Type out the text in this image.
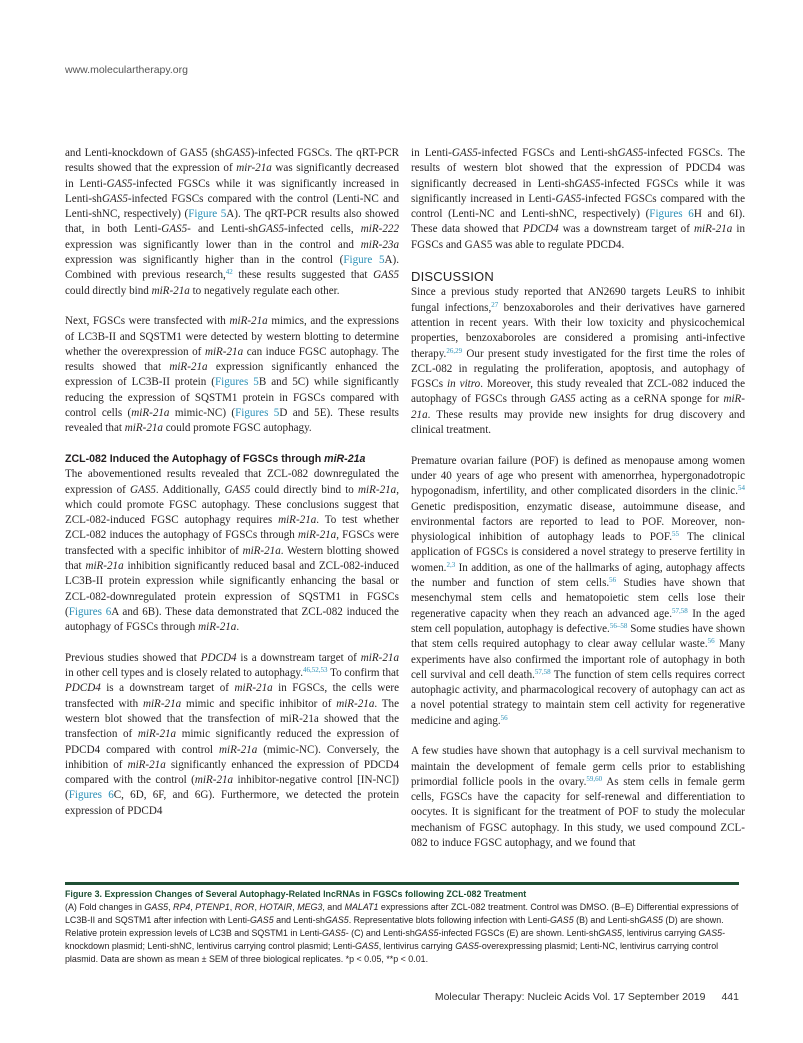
www.moleculartherapy.org

and Lenti-knockdown of GAS5 (shGAS5)-infected FGSCs. The qRT-PCR results showed that the expression of mir-21a was significantly decreased in Lenti-GAS5-infected FGSCs while it was significantly increased in Lenti-shGAS5-infected FGSCs compared with the control (Lenti-NC and Lenti-shNC, respectively) (Figure 5A). The qRT-PCR results also showed that, in both Lenti-GAS5- and Lenti-shGAS5-infected cells, miR-222 expression was significantly lower than in the control and miR-23a expression was significantly higher than in the control (Figure 5A). Combined with previous research,$^{42}$ these results suggested that GAS5 could directly bind miR-21a to negatively regulate each other.

Next, FGSCs were transfected with miR-21a mimics, and the expressions of LC3B-II and SQSTM1 were detected by western blotting to determine whether the overexpression of miR-21a can induce FGSC autophagy. The results showed that miR-21a expression significantly enhanced the expression of LC3B-II protein (Figures 5B and 5C) while significantly reducing the expression of SQSTM1 protein in FGSCs compared with control cells (miR-21a mimic-NC) (Figures 5D and 5E). These results revealed that miR-21a could promote FGSC autophagy.

ZCL-082 Induced the Autophagy of FGSCs through miR-21a

The abovementioned results revealed that ZCL-082 downregulated the expression of GAS5. Additionally, GAS5 could directly bind to miR-21a, which could promote FGSC autophagy. These conclusions suggest that ZCL-082-induced FGSC autophagy requires miR-21a. To test whether ZCL-082 induces the autophagy of FGSCs through miR-21a, FGSCs were transfected with a specific inhibitor of miR-21a. Western blotting showed that miR-21a inhibition significantly reduced basal and ZCL-082-induced LC3B-II protein expression while significantly enhancing the basal or ZCL-082-downregulated protein expression of SQSTM1 in FGSCs (Figures 6A and 6B). These data demonstrated that ZCL-082 induced the autophagy of FGSCs through miR-21a.

Previous studies showed that PDCD4 is a downstream target of miR-21a in other cell types and is closely related to autophagy.$^{46,52,53}$ To confirm that PDCD4 is a downstream target of miR-21a in FGSCs, the cells were transfected with miR-21a mimic and specific inhibitor of miR-21a. The western blot showed that the transfection of miR-21a showed that the transfection of miR-21a mimic significantly reduced the expression of PDCD4 compared with control miR-21a (mimic-NC). Conversely, the inhibition of miR-21a significantly enhanced the expression of PDCD4 compared with the control (miR-21a inhibitor-negative control [IN-NC]) (Figures 6C, 6D, 6F, and 6G). Furthermore, we detected the protein expression of PDCD4

in Lenti-GAS5-infected FGSCs and Lenti-shGAS5-infected FGSCs. The results of western blot showed that the expression of PDCD4 was significantly decreased in Lenti-shGAS5-infected FGSCs while it was significantly increased in Lenti-GAS5-infected FGSCs compared with the control (Lenti-NC and Lenti-shNC, respectively) (Figures 6H and 6I). These data showed that PDCD4 was a downstream target of miR-21a in FGSCs and GAS5 was able to regulate PDCD4.

DISCUSSION

Since a previous study reported that AN2690 targets LeuRS to inhibit fungal infections,$^{27}$ benzoxaboroles and their derivatives have garnered attention in recent years. With their low toxicity and physicochemical properties, benzoxaboroles are considered a promising anti-infective therapy.$^{26,29}$ Our present study investigated for the first time the roles of ZCL-082 in regulating the proliferation, apoptosis, and autophagy of FGSCs in vitro. Moreover, this study revealed that ZCL-082 induced the autophagy of FGSCs through GAS5 acting as a ceRNA sponge for miR-21a. These results may provide new insights for drug discovery and clinical treatment.

Premature ovarian failure (POF) is defined as menopause among women under 40 years of age who present with amenorrhea, hypergonadotropic hypogonadism, infertility, and other complicated disorders in the clinic.$^{54}$ Genetic predisposition, enzymatic disease, autoimmune disease, and environmental factors are reported to lead to POF. Moreover, non-physiological inhibition of autophagy leads to POF.$^{55}$ The clinical application of FGSCs is considered a novel strategy to preserve fertility in women.$^{2,3}$ In addition, as one of the hallmarks of aging, autophagy affects the number and function of stem cells.$^{56}$ Studies have shown that mesenchymal stem cells and hematopoietic stem cells lose their regenerative capacity when they reach an advanced age.$^{57,58}$ In the aged stem cell population, autophagy is defective.$^{56-58}$ Some studies have shown that stem cells required autophagy to clear away cellular waste.$^{56}$ Many experiments have also confirmed the important role of autophagy in both cell survival and cell death.$^{57,58}$ The function of stem cells requires correct autophagic activity, and pharmacological recovery of autophagy can act as a novel potential strategy to maintain stem cell activity for regenerative medicine and aging.$^{56}$

A few studies have shown that autophagy is a cell survival mechanism to maintain the development of female germ cells prior to establishing primordial follicle pools in the ovary.$^{59,60}$ As stem cells in female germ cells, FGSCs have the capacity for self-renewal and differentiation to oocytes. It is significant for the treatment of POF to study the molecular mechanism of FGSC autophagy. In this study, we used compound ZCL-082 to induce FGSC autophagy, and we found that

Figure 3. Expression Changes of Several Autophagy-Related lncRNAs in FGSCs following ZCL-082 Treatment
(A) Fold changes in GAS5, RP4, PTENP1, ROR, HOTAIR, MEG3, and MALAT1 expressions after ZCL-082 treatment. Control was DMSO. (B–E) Differential expressions of LC3B-II and SQSTM1 after infection with Lenti-GAS5 and Lenti-shGAS5. Representative blots following infection with Lenti-GAS5 (B) and Lenti-shGAS5 (D) are shown. Relative protein expression levels of LC3B and SQSTM1 in Lenti-GAS5- (C) and Lenti-shGAS5-infected FGSCs (E) are shown. Lenti-shGAS5, lentivirus carrying GAS5-knockdown plasmid; Lenti-shNC, lentivirus carrying control plasmid; Lenti-GAS5, lentivirus carrying GAS5-overexpressing plasmid; Lenti-NC, lentivirus carrying control plasmid. Data are shown as mean ± SEM of three biological replicates. *p < 0.05, **p < 0.01.
Molecular Therapy: Nucleic Acids Vol. 17 September 2019 441
